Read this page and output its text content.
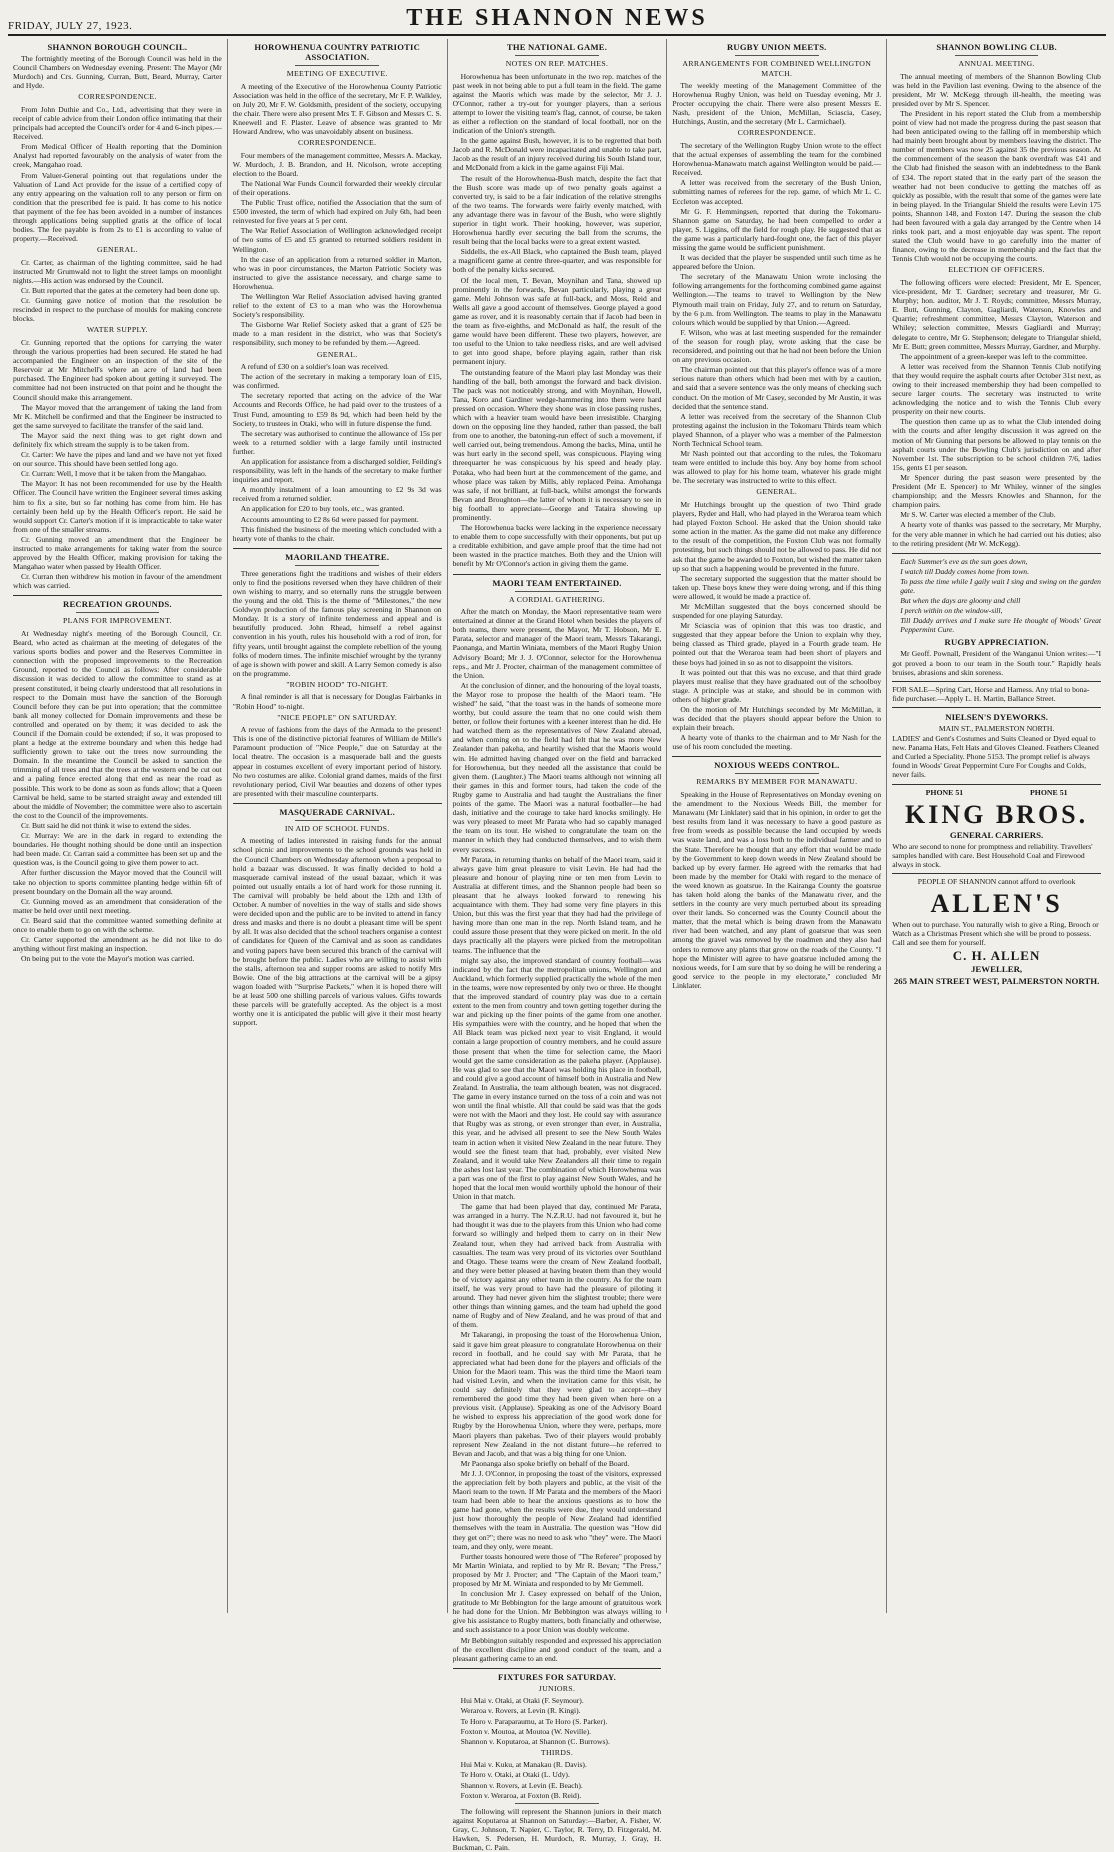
FRIDAY, JULY 27, 1923.	THE SHANNON NEWS
SHANNON BOROUGH COUNCIL.

The fortnightly meeting of the Borough Council was held in the Council Chambers on Wednesday evening. Present: The Mayor (Mr Murdoch) and Crs. Gunning, Curran, Butt, Beard, Murray, Carter and Hyde.

CORRESPONDENCE.

From John Duthie and Co., Ltd., advertising that they were in receipt of cable advice from their London office intimating that their principals had accepted the Council's order for 4 and 6-inch pipes.—Received.

From Medical Officer of Health reporting that the Dominion Analyst had reported favourably on the analysis of water from the creek, Mangahao road.

From Valuer-General pointing out that regulations under the Valuation of Land Act provide for the issue of a certified copy of any entry appearing on the valuation roll to any person or firm on condition that the prescribed fee is paid. It has come to his notice that payment of the fee has been avoided in a number of instances through applications being supplied gratis at the office of local bodies. The fee payable is from 2s to £1 is according to value of property.—Received.

GENERAL.

Cr. Carter, as chairman of the lighting committee, said he had instructed Mr Grumwald not to light the street lamps on moonlight nights.—His action was endorsed by the Council.

Cr. Butt reported that the gates at the cemetery had been done up.

Cr. Gunning gave notice of motion that the resolution be rescinded in respect to the purchase of moulds for making concrete blocks.

WATER SUPPLY.

Cr. Gunning reported that the options for carrying the water through the various properties had been secured. He stated he had accompanied the Engineer on an inspection of the site of the Reservoir at Mr Mitchell's where an acre of land had been purchased. The Engineer had spoken about getting it surveyed. The committee had not been instructed on that point and he thought the Council should make this arrangement.

The Mayor moved that the arrangement of taking the land from Mr K. Mitchell be confirmed and that the Engineer be instructed to get the same surveyed to facilitate the transfer of the said land.

The Mayor said the next thing was to get right down and definitely fix which stream the supply is to be taken from.

Cr. Carter: We have the pipes and land and we have not yet fixed on our source. This should have been settled long ago.

Cr. Curran: Well, I move that it be taken from the Mangahao.

The Mayor: It has not been recommended for use by the Health Officer. The Council have written the Engineer several times asking him to fix a site, but so far nothing has come from him. He has certainly been held up by the Health Officer's report. He said he would support Cr. Carter's motion if it is impracticable to take water from one of the smaller streams.

Cr. Gunning moved an amendment that the Engineer be instructed to make arrangements for taking water from the source approved by the Health Officer, making provision for taking the Mangahao water when passed by Health Officer.

Cr. Curran then withdrew his motion in favour of the amendment which was carried.

RECREATION GROUNDS.
PLANS FOR IMPROVEMENT.

At Wednesday night's meeting of the Borough Council, Cr. Beard, who acted as chairman at the meeting of delegates of the various sports bodies and power and the Reserves Committee in connection with the proposed improvements to the Recreation Ground, reported to the Council as follows: After considerable discussion it was decided to allow the committee to stand as at present constituted, it being clearly understood that all resolutions in respect to the Domain must have the sanction of the Borough Council before they can be put into operation; that the committee bank all money collected for Domain improvements and these be controlled and operated on by them; it was decided to ask the Council if the Domain could be extended; if so, it was proposed to plant a hedge at the extreme boundary and when this hedge had sufficiently grown to take out the trees now surrounding the Domain. In the meantime the Council be asked to sanction the trimming of all trees and that the trees at the western end be cut out and a paling fence erected along that end as near the road as possible. This work to be done as soon as funds allow; that a Queen Carnival be held, same to be started straight away and extended till about the middle of November; the committee were also to ascertain the cost to the Council of the improvements.

Cr. Butt said he did not think it wise to extend the sides.

Cr. Murray: We are in the dark in regard to extending the boundaries. He thought nothing should be done until an inspection had been made. Cr. Carran said a committee has been set up and the question was, is the Council going to give them power to act.

After further discussion the Mayor moved that the Council will take no objection to sports committee planting hedge within 6ft of present boundary on the Domain all the way around.

Cr. Gunning moved as an amendment that consideration of the matter be held over until next meeting.

Cr. Beard said that the committee wanted something definite at once to enable them to go on with the scheme.

Cr. Carter supported the amendment as he did not like to do anything without first making an inspection.

On being put to the vote the Mayor's motion was carried.

HOROWHENUA COUNTRY PATRIOTIC ASSOCIATION.
MEETING OF EXECUTIVE.

A meeting of the Executive of the Horowhenua County Patriotic Association was held in the office of the secretary, Mr F. P. Walkley, on July 20, Mr F. W. Goldsmith, president of the society, occupying the chair. There were also present Mrs T. F. Gibson and Messrs C. S. Kneewell and F. Plaster. Leave of absence was granted to Mr Howard Andrew, who was unavoidably absent on business.

CORRESPONDENCE.

Four members of the management committee, Messrs A. Mackay, W. Murdoch, J. B. Brandon, and H. Nicolson, wrote accepting election to the Board.

The National War Funds Council forwarded their weekly circular of their operations.

The Public Trust office, notified the Association that the sum of £500 invested, the term of which had expired on July 6th, had been reinvested for five years at 5 per cent.

The War Relief Association of Wellington acknowledged receipt of two sums of £5 and £5 granted to returned soldiers resident in Wellington.

In the case of an application from a returned soldier in Marton, who was in poor circumstances, the Marton Patriotic Society was instructed to give the assistance necessary, and charge same to Horowhenua.

The Wellington War Relief Association advised having granted relief to the extent of £3 to a man who was the Horowhenua Society's responsibility.

The Gisborne War Relief Society asked that a grant of £25 be made to a man resident in the district, who was that Society's responsibility, such money to be refunded by them.—Agreed.

GENERAL.

A refund of £30 on a soldier's loan was received.

The action of the secretary in making a temporary loan of £15, was confirmed.

The secretary reported that acting on the advice of the War Accounts and Records Office, he had paid over to the trustees of a Trust Fund, amounting to £59 8s 9d, which had been held by the Society, to trustees in Otaki, who will in future dispense the fund.

The secretary was authorised to continue the allowance of 15s per week to a returned soldier with a large family until instructed further.

An application for assistance from a discharged soldier, Feilding's responsibility, was left in the hands of the secretary to make further inquiries and report.

A monthly instalment of a loan amounting to £2 9s 3d was received from a returned soldier.

An application for £20 to buy tools, etc., was granted.

Accounts amounting to £2 8s 6d were passed for payment.

This finished the business of the meeting which concluded with a hearty vote of thanks to the chair.

MAORILAND THEATRE.

Three generations fight the traditions and wishes of their elders only to find the positions reversed when they have children of their own wishing to marry, and so eternally runs the struggle between the young and the old. This is the theme of "Milestones," the new Goldwyn production of the famous play screening in Shannon on Monday. It is a story of infinite tenderness and appeal and is beautifully produced. John Rhead, himself a rebel against convention in his youth, rules his household with a rod of iron, for fifty years, until brought against the complete rebellion of the young folks of modern times. The infinite mischief wrought by the tyranny of age is shown with power and skill. A Larry Semon comedy is also on the programme.

"ROBIN HOOD" TO-NIGHT.

A final reminder is all that is necessary for Douglas Fairbanks in "Robin Hood" to-night.

"NICE PEOPLE" ON SATURDAY.

A revue of fashions from the days of the Armada to the present! This is one of the distinctive pictorial features of William de Mille's Paramount production of "Nice People," due on Saturday at the local theatre. The occasion is a masquerade ball and the guests appear in costumes excellent of every important period of history. No two costumes are alike. Colonial grand dames, maids of the first revolutionary period, Civil War beauties and dozens of other types are presented with their masculine counterparts.

MASQUERADE CARNIVAL.
IN AID OF SCHOOL FUNDS.

A meeting of ladies interested in raising funds for the annual school picnic and improvements to the school grounds was held in the Council Chambers on Wednesday afternoon when a proposal to hold a bazaar was discussed. It was finally decided to hold a masquerade carnival instead of the usual bazaar, which it was pointed out usually entails a lot of hard work for those running it. The carnival will probably be held about the 12th and 13th of October. A number of novelties in the way of stalls and side shows were decided upon and the public are to be invited to attend in fancy dress and masks and there is no doubt a pleasant time will be spent by all. It was also decided that the school teachers organise a contest of candidates for Queen of the Carnival and as soon as candidates and voting papers have been secured this branch of the carnival will be brought before the public. Ladies who are willing to assist with the stalls, afternoon tea and supper rooms are asked to notify Mrs Bowie. One of the big attractions at the carnival will be a gipsy wagon loaded with "Surprise Packets," when it is hoped there will be at least 500 one shilling parcels of various values. Gifts towards these parcels will be gratefully accepted. As the object is a most worthy one it is anticipated the public will give it their most hearty support.

THE NATIONAL GAME.
NOTES ON REP. MATCHES.

Horowhenua has been unfortunate in the two rep. matches of the past week in not being able to put a full team in the field. The game against the Maoris which was made by the selector, Mr J. J. O'Connor, rather a try-out for younger players, than a serious attempt to lower the visiting team's flag, cannot, of course, be taken as either a reflection on the standard of local football, nor on the indication of the Union's strength.

In the game against Bush, however, it is to be regretted that both Jacob and R. McDonald were incapacitated and unable to take part, Jacob as the result of an injury received during his South Island tour, and McDonald from a kick in the game against Fiji Mai.

The result of the Horowhenua-Bush match, despite the fact that the Bush score was made up of two penalty goals against a converted try, is said to be a fair indication of the relative strengths of the two teams. The forwards were fairly evenly matched, with any advantage there was in favour of the Bush, who were slightly superior in tight work. Their hooking, however, was superior, Horowhenua hardly ever securing the ball from the scrums, the result being that the local backs were to a great extent wasted.

Siddells, the ex-All Black, who captained the Bush team, played a magnificent game at centre three-quarter, and was responsible for both of the penalty kicks secured.

Of the local men, T. Bevan, Moynihan and Tana, showed up prominently in the forwards, Bevan particularly, playing a great game. Mehi Johnson was safe at full-back, and Moss, Reid and Wells all gave a good account of themselves. George played a good game as rover, and it is reasonably certain that if Jacob had been in the team as five-eighths, and McDonald as half, the result of the game would have been different. These two players, however, are too useful to the Union to take needless risks, and are well advised to get into good shape, before playing again, rather than risk permanent injury.

The outstanding feature of the Maori play last Monday was their handling of the ball, both amongst the forward and back division. The pack was not noticeably strong, and with Moynihan, Howell, Tana, Koro and Gardiner wedge-hammering into them were hard pressed on occasion. Where they shone was in close passing rushes, which with a heavier team would have been irresistible. Charging down on the opposing line they handed, rather than passed, the ball from one to another, the batoning-run effect of such a movement, if well carried out, being tremendous. Among the backs, Mina, until he was hurt early in the second spell, was conspicuous. Playing wing threequarter he was conspicuous by his speed and heady play. Potaka, who had been hurt at the commencement of the game, and whose place was taken by Mills, ably replaced Peina. Amohanga was safe, if not brilliant, at full-back, whilst amongst the forwards Bevan and Broughton—the latter of whom it is necessary to see in big football to appreciate—George and Tataira showing up prominently.

The Horowhenua backs were lacking in the experience necessary to enable them to cope successfully with their opponents, but put up a creditable exhibition, and gave ample proof that the time had not been wasted in the practice matches. Both they and the Union will benefit by Mr O'Connor's action in giving them the game.

MAORI TEAM ENTERTAINED.
A CORDIAL GATHERING.

After the match on Monday, the Maori representative team were entertained at dinner at the Grand Hotel when besides the players of both teams, there were present, the Mayor, Mr T. Hobson, Mr E. Parata, selector and manager of the Maori team, Messrs Takarangi, Paonanga, and Martin Winiata, members of the Maori Rugby Union Advisory Board; Mr J. J. O'Connor, selector for the Horowhenua reps., and Mr J. Procter, chairman of the management committee of the Union.

At the conclusion of dinner, and the honouring of the loyal toasts, the Mayor rose to propose the health of the Maori team. "He wished" he said, "that the toast was in the hands of someone more worthy, but could assure the team that no one could wish them better, or follow their fortunes with a keener interest than he did. He had watched them as the representatives of New Zealand abroad, and when coming on to the field had felt that he was more New Zealander than pakeha, and heartily wished that the Maoris would win. He admitted having changed over on the field and barracked for Horowhenua, but they needed all the assistance that could be given them. (Laughter.) The Maori teams although not winning all their games in this and former tours, had taken the code of the Rugby game to Australia and had taught the Australians the finer points of the game. The Maori was a natural footballer—he had dash, initiative and the courage to take hard knocks smilingly. He was very pleased to meet Mr Parata who had so capably managed the team on its tour. He wished to congratulate the team on the manner in which they had conducted themselves, and to wish them every success.

Mr Parata, in returning thanks on behalf of the Maori team, said it always gave him great pleasure to visit Levin. He had had the pleasure and honour of playing nine or ten men from Levin to Australia at different times, and the Shannon people had been so pleasant that he always looked forward to renewing his acquaintance with them. They had some very fine players in this Union, but this was the first year that they had had the privilege of having more than one man in the rep. North Island team, and he could assure those present that they were picked on merit. In the old days practically all the players were picked from the metropolitan teams. The influence that the

might say also, the improved standard of country football—was indicated by the fact that the metropolitan unions, Wellington and Auckland, which formerly supplied practically the whole of the men in the teams, were now represented by only two or three. He thought that the improved standard of country play was due to a certain extent to the men from country and town getting together during the war and picking up the finer points of the game from one another. His sympathies were with the country, and he hoped that when the All Black team was picked next year to visit England, it would contain a large proportion of country members, and he could assure those present that when the time for selection came, the Maori would get the same consideration as the pakeha player. (Applause). He was glad to see that the Maori was holding his place in football, and could give a good account of himself both in Australia and New Zealand. In Australia, the team although beaten, was not disgraced. The game in every instance turned on the toss of a coin and was not won until the final whistle. All that could be said was that the gods were not with the Maori and they lost. He could say with assurance that Rugby was as strong, or even stronger than ever, in Australia, this year, and he advised all present to see the New South Wales team in action when it visited New Zealand in the near future. They would see the finest team that had, probably, ever visited New Zealand, and it would take New Zealanders all their time to regain the ashes lost last year. The combination of which Horowhenua was a part was one of the first to play against New South Wales, and he hoped that the local men would worthily uphold the honour of their Union in that match.

The game that had been played that day, continued Mr Parata, was arranged in a hurry. The N.Z.R.U. had not favoured it, but he had thought it was due to the players from this Union who had come forward so willingly and helped them to carry on in their New Zealand tour, when they had arrived back from Australia with casualties. The team was very proud of its victories over Southland and Otago. These teams were the cream of New Zealand football, and they were better pleased at having beaten them than they would be of victory against any other team in the country. As for the team itself, he was very proud to have had the pleasure of piloting it around. They had never given him the slightest trouble; there were other things than winning games, and the team had upheld the good name of Rugby and of New Zealand, and he was proud of that and of them.

Mr Takarangi, in proposing the toast of the Horowhenua Union, said it gave him great pleasure to congratulate Horowhenua on their record in football, and he could say with Mr Parata, that he appreciated what had been done for the players and officials of the Union for the Maori team. This was the third time the Maori team had visited Levin, and when the invitation came for this visit, he could say definitely that they were glad to accept—they remembered the good time they had been given when here on a previous visit. (Applause). Speaking as one of the Advisory Board he wished to express his appreciation of the good work done for Rugby by the Horowhenua Union, where they were, perhaps, more Maori players than pakehas. Two of their players would probably represent New Zealand in the not distant future—he referred to Bevan and Jacob, and that was a big thing for one Union.

Mr Paonanga also spoke briefly on behalf of the Board.

Mr J. J. O'Connor, in proposing the toast of the visitors, expressed the appreciation felt by both players and public, at the visit of the Maori team to the town. If Mr Parata and the members of the Maori team had been able to hear the anxious questions as to how the game had gone, when the results were due, they would understand just how thoroughly the people of New Zealand had identified themselves with the team in Australia. The question was "How did they get on?"; there was no need to ask who "they" were. The Maori team, and they only, were meant.

Further toasts honoured were those of "The Referee" proposed by Mr Martin Winiata, and replied to by Mr R. Bevan; "The Press," proposed by Mr J. Procter; and "The Captain of the Maori team," proposed by Mr M. Winiata and responded to by Mr Gemmell.

In conclusion Mr J. Casey expressed on behalf of the Union, gratitude to Mr Bebbington for the large amount of gratuitous work he had done for the Union. Mr Bebbington was always willing to give his assistance to Rugby matters, both financially and otherwise, and such assistance to a poor Union was doubly welcome.

Mr Bebbington suitably responded and expressed his appreciation of the excellent discipline and good conduct of the team, and a pleasant gathering came to an end.

FIXTURES FOR SATURDAY.
JUNIORS.

Hui Mai v. Otaki, at Otaki (F. Seymour).

Weraroa v. Rovers, at Levin (R. Kingi).

Te Horo v. Paraparaumu, at Te Horo (S. Parker).

Foxton v. Moutoa, at Moutoa (W. Neville).

Shannon v. Koputaroa, at Shannon (C. Burrows).

THIRDS.

Hui Mai v. Kuku, at Manakau (R. Davis).

Te Horo v. Otaki, at Otaki (L. Udy).

Shannon v. Rovers, at Levin (E. Beach).

Foxton v. Weraroa, at Foxton (B. Reid).

The following will represent the Shannon juniors in their match against Koputaroa at Shannon on Saturday:—Barber, A. Fisher, W. Gray, C. Johnson, T. Napier, C. Taylor, R. Terry, D. Fitzgerald, M. Hawken, S. Pedersen, H. Murdoch, R. Murray, J. Gray, H. Buckman, C. Pain.

RUGBY UNION MEETS.
ARRANGEMENTS FOR COMBINED WELLINGTON MATCH.

The weekly meeting of the Management Committee of the Horowhenua Rugby Union, was held on Tuesday evening, Mr J. Procter occupying the chair. There were also present Messrs E. Nash, president of the Union, McMillan, Sciascia, Casey, Hutchings, Austin, and the secretary (Mr L. Carmichael).

CORRESPONDENCE.

The secretary of the Wellington Rugby Union wrote to the effect that the actual expenses of assembling the team for the combined Horowhenua-Manawatu match against Wellington would be paid.—Received.

A letter was received from the secretary of the Bush Union, submitting names of referees for the rep. game, of which Mr L. C. Eccleton was accepted.

Mr G. F. Hemmingsen, reported that during the Tokomaru-Shannon game on Saturday, he had been compelled to order a player, S. Liggins, off the field for rough play. He suggested that as the game was a particularly hard-fought one, the fact of this player missing the game would be sufficient punishment.

It was decided that the player be suspended until such time as he appeared before the Union.

The secretary of the Manawatu Union wrote inclosing the following arrangements for the forthcoming combined game against Wellington.—The teams to travel to Wellington by the New Plymouth mail train on Friday, July 27, and to return on Saturday, by the 6 p.m. from Wellington. The teams to play in the Manawatu colours which would be supplied by that Union.—Agreed.

F. Wilson, who was at last meeting suspended for the remainder of the season for rough play, wrote asking that the case be reconsidered, and pointing out that he had not been before the Union on any previous occasion.

The chairman pointed out that this player's offence was of a more serious nature than others which had been met with by a caution, and said that a severe sentence was the only means of checking such conduct. On the motion of Mr Casey, seconded by Mr Austin, it was decided that the sentence stand.

A letter was received from the secretary of the Shannon Club protesting against the inclusion in the Tokomaru Thirds team which played Shannon, of a player who was a member of the Palmerston North Technical School team.

Mr Nash pointed out that according to the rules, the Tokomaru team were entitled to include this boy. Any boy home from school was allowed to play for his home team, whatever his grade might be. The secretary was instructed to write to this effect.

GENERAL.

Mr Hutchings brought up the question of two Third grade players, Ryder and Hall, who had played in the Weraroa team which had played Foxton School. He asked that the Union should take some action in the matter. As the game did not make any difference to the result of the competition, the Foxton Club was not formally protesting, but such things should not be allowed to pass. He did not ask that the game be awarded to Foxton, but wished the matter taken up so that such a happening would be prevented in the future.

The secretary supported the suggestion that the matter should be taken up. These boys knew they were doing wrong, and if this thing were allowed, it would be made a practice of.

Mr McMillan suggested that the boys concerned should be suspended for one playing Saturday.

Mr Sciascia was of opinion that this was too drastic, and suggested that they appear before the Union to explain why they, being classed as Third grade, played in a Fourth grade team. He pointed out that the Weraroa team had been short of players and these boys had joined in so as not to disappoint the visitors.

It was pointed out that this was no excuse, and that third grade players must realise that they have graduated out of the schoolboy stage. A principle was at stake, and should be in common with others of higher grade.

On the motion of Mr Hutchings seconded by Mr McMillan, it was decided that the players should appear before the Union to explain their breach.

A hearty vote of thanks to the chairman and to Mr Nash for the use of his room concluded the meeting.

NOXIOUS WEEDS CONTROL.
REMARKS BY MEMBER FOR MANAWATU.

Speaking in the House of Representatives on Monday evening on the amendment to the Noxious Weeds Bill, the member for Manawatu (Mr Linklater) said that in his opinion, in order to get the best results from land it was necessary to have a good pasture as free from weeds as possible because the land occupied by weeds was waste land, and was a loss both to the individual farmer and to the State. Therefore he thought that any effort that would be made by the Government to keep down weeds in New Zealand should be backed up by every farmer. He agreed with the remarks that had been made by the member for Otaki with regard to the menace of the weed known as goatsrue. In the Kairanga County the goatsrue has taken hold along the banks of the Manawatu river, and the settlers in the county are very much perturbed about its spreading over their lands. So concerned was the County Council about the matter, that the metal which is being drawn from the Manawatu river had been watched, and any plant of goatsrue that was seen among the gravel was removed by the roadmen and they also had orders to remove any plants that grow on the roads of the County. "I hope the Minister will agree to have goatsrue included among the noxious weeds, for I am sure that by so doing he will be rendering a good service to the people in my electorate," concluded Mr Linklater.

SHANNON BOWLING CLUB.
ANNUAL MEETING.

The annual meeting of members of the Shannon Bowling Club was held in the Pavilion last evening. Owing to the absence of the president, Mr W. McKegg through ill-health, the meeting was presided over by Mr S. Spencer.

The President in his report stated the Club from a membership point of view had not made the progress during the past season that had been anticipated owing to the falling off in membership which had mainly been brought about by members leaving the district. The number of members was now 25 against 35 the previous season. At the commencement of the season the bank overdraft was £41 and the Club had finished the season with an indebtedness to the Bank of £34. The report stated that in the early part of the season the weather had not been conducive to getting the matches off as quickly as possible, with the result that some of the games were late in being played. In the Triangular Shield the results were Levin 175 points, Shannon 148, and Foxton 147. During the season the club had been favoured with a gala day arranged by the Centre when 14 rinks took part, and a most enjoyable day was spent. The report stated the Club would have to go carefully into the matter of finance, owing to the decrease in membership and the fact that the Tennis Club would not be occupying the courts.

ELECTION OF OFFICERS.

The following officers were elected: President, Mr E. Spencer, vice-president, Mr T. Gardner; secretary and treasurer, Mr G. Murphy; hon. auditor, Mr J. T. Royds; committee, Messrs Murray, E. Butt, Gunning, Clayton, Gagliardi, Waterson, Knowles and Quarrie; refreshment committee, Messrs Clayton, Waterson and Whiley; selection committee, Messrs Gagliardi and Murray; delegate to centre, Mr G. Stephenson; delegate to Triangular shield, Mr E. Butt; green committee, Messrs Murray, Gardner, and Murphy.

The appointment of a green-keeper was left to the committee.

A letter was received from the Shannon Tennis Club notifying that they would require the asphalt courts after October 31st next, as owing to their increased membership they had been compelled to secure larger courts. The secretary was instructed to write acknowledging the notice and to wish the Tennis Club every prosperity on their new courts.

The question then came up as to what the Club intended doing with the courts and after lengthy discussion it was agreed on the motion of Mr Gunning that persons be allowed to play tennis on the asphalt courts under the Bowling Club's jurisdiction on and after November 1st. The subscription to be school children 7/6, ladies 15s, gents £1 per season.

Mr Spencer during the past season were presented by the President (Mr E. Spencer) to Mr Whiley, winner of the singles championship; and the Messrs Knowles and Shannon, for the champion pairs.

Mr S. W. Carter was elected a member of the Club.

A hearty vote of thanks was passed to the secretary, Mr Murphy, for the very able manner in which he had carried out his duties; also to the retiring president (Mr W. McKegg).

Each Summer's eve as the sun goes down,

I watch till Daddy comes home from town.

To pass the time while I gaily wait I sing and swing on the garden gate.

But when the days are gloomy and chill

I perch within on the window-sill,

Till Daddy arrives and I make sure He thought of Woods' Great Peppermint Cure.

RUGBY APPRECIATION.

Mr Geoff. Pownall, President of the Wanganui Union writes:—"I got proved a boon to our team in the South tour." Rapidly heals bruises, abrasions and skin soreness.

FOR SALE—Spring Cart, Horse and Harness. Any trial to bona-fide purchaser.—Apply L. H. Martin, Ballance Street.

NIELSEN'S DYEWORKS.

MAIN ST., PALMERSTON NORTH.

LADIES' and Gent's Costumes and Suits Cleaned or Dyed equal to new. Panama Hats, Felt Hats and Gloves Cleaned. Feathers Cleaned and Curled a Speciality. Phone 5153. The prompt relief is always found in Woods' Great Peppermint Cure For Coughs and Colds, never fails.

PHONE 51	PHONE 51
KING BROS.
GENERAL CARRIERS.

Who are second to none for promptness and reliability. Travellers' samples handled with care. Best Household Coal and Firewood always in stock.

PEOPLE OF SHANNON cannot afford to overlook

ALLEN'S

When out to purchase. You naturally wish to give a Ring, Brooch or Watch as a Christmas Present which she will be proud to possess. Call and see them for yourself.

C. H. ALLEN
JEWELLER,
265 MAIN STREET WEST, PALMERSTON NORTH.
